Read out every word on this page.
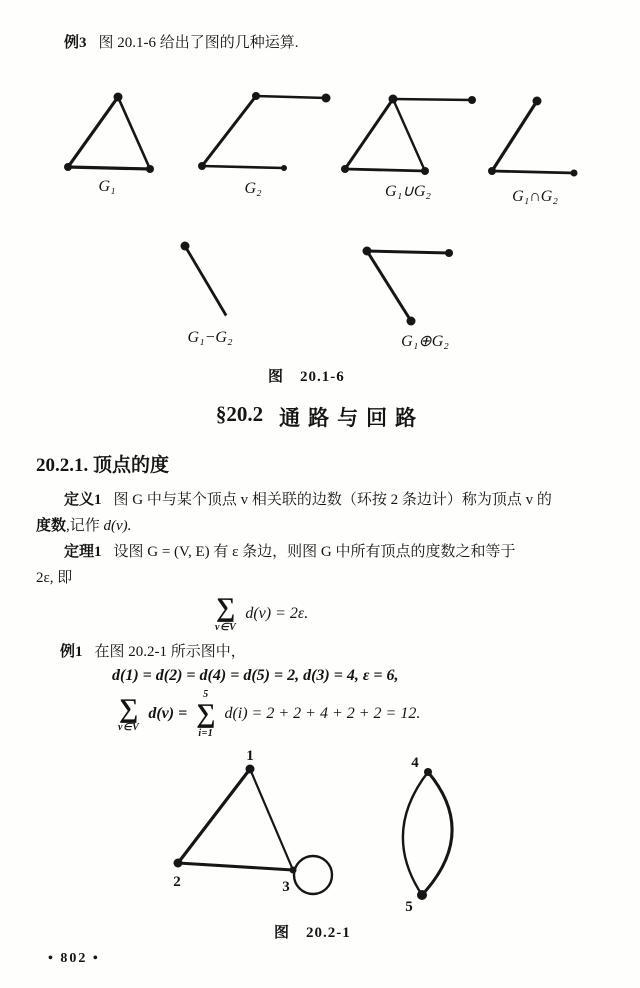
例3 图 20.1-6 给出了图的几种运算.
G₁	G₂	G₁∪G₂	G₁∩G₂
G₁−G₂	G₁⊕G₂
图　20.1-6
§20.2 通路与回路
20.2.1. 顶点的度
定义1 图 G 中与某个顶点 v 相关联的边数（环按 2 条边计）称为顶点 v 的
度数,记作 d(v).
定理1 设图 G = (V, E) 有 ε 条边，则图 G 中所有顶点的度数之和等于
2ε, 即
∑
v∈V
d(v) = 2ε.
例1 在图 20.2-1 所示图中，
d(1) = d(2) = d(4) = d(5) = 2, d(3) = 4, ε = 6,
∑
v∈V
d(v) =
5
∑
i=1
d(i) = 2 + 2 + 4 + 2 + 2 = 12.
1
2	3
4
5
图　20.2-1
• 802 •
